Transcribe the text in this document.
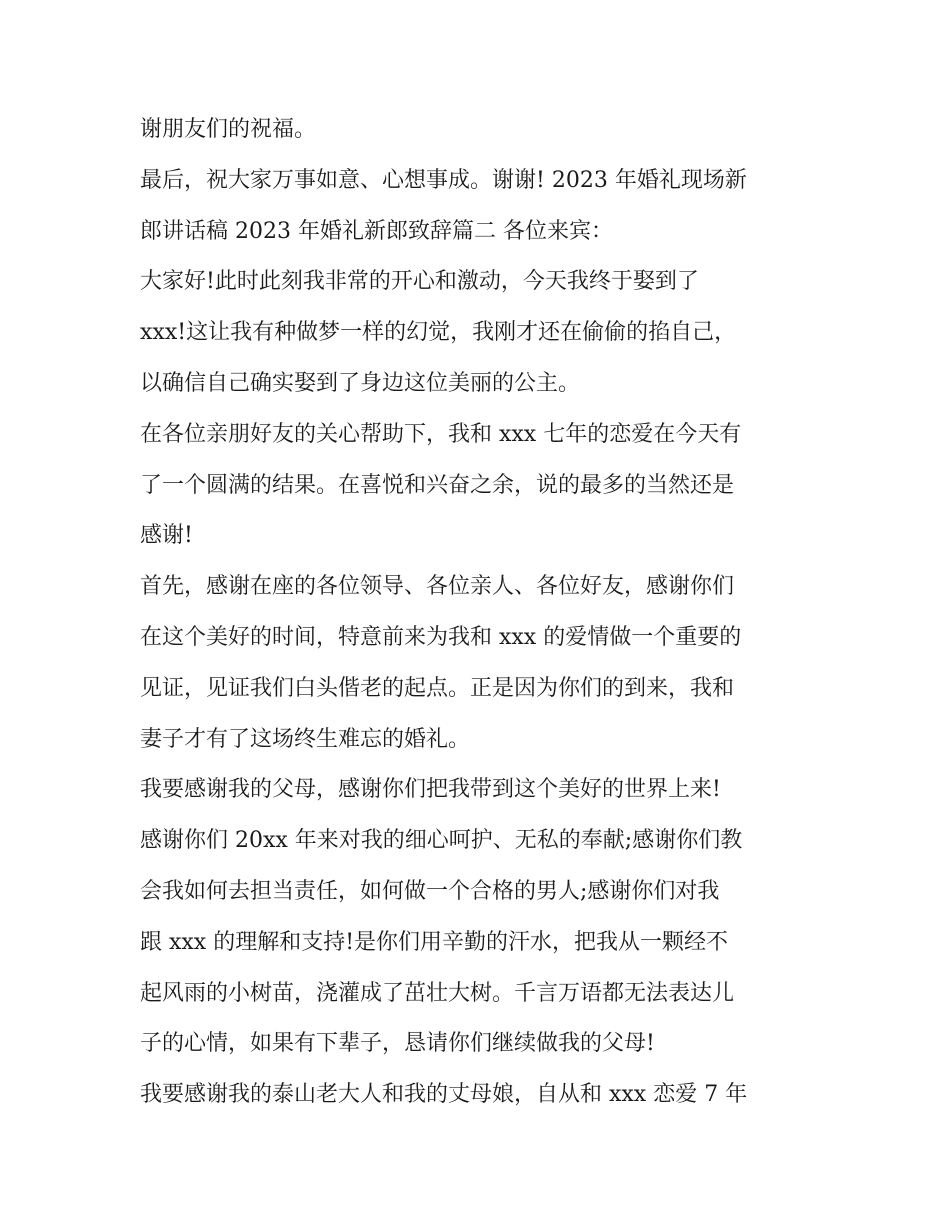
谢朋友们的祝福。
最后，祝大家万事如意、心想事成。谢谢! 2023 年婚礼现场新
郎讲话稿 2023 年婚礼新郎致辞篇二 各位来宾：
大家好!此时此刻我非常的开心和激动，今天我终于娶到了
xxx!这让我有种做梦一样的幻觉，我刚才还在偷偷的掐自己，
以确信自己确实娶到了身边这位美丽的公主。
在各位亲朋好友的关心帮助下，我和 xxx 七年的恋爱在今天有
了一个圆满的结果。在喜悦和兴奋之余，说的最多的当然还是
感谢!
首先，感谢在座的各位领导、各位亲人、各位好友，感谢你们
在这个美好的时间，特意前来为我和 xxx 的爱情做一个重要的
见证，见证我们白头偕老的起点。正是因为你们的到来，我和
妻子才有了这场终生难忘的婚礼。
我要感谢我的父母，感谢你们把我带到这个美好的世界上来!
感谢你们 20xx 年来对我的细心呵护、无私的奉献;感谢你们教
会我如何去担当责任，如何做一个合格的男人;感谢你们对我
跟 xxx 的理解和支持!是你们用辛勤的汗水，把我从一颗经不
起风雨的小树苗，浇灌成了茁壮大树。千言万语都无法表达儿
子的心情，如果有下辈子，恳请你们继续做我的父母!
我要感谢我的泰山老大人和我的丈母娘，自从和 xxx 恋爱 7 年
